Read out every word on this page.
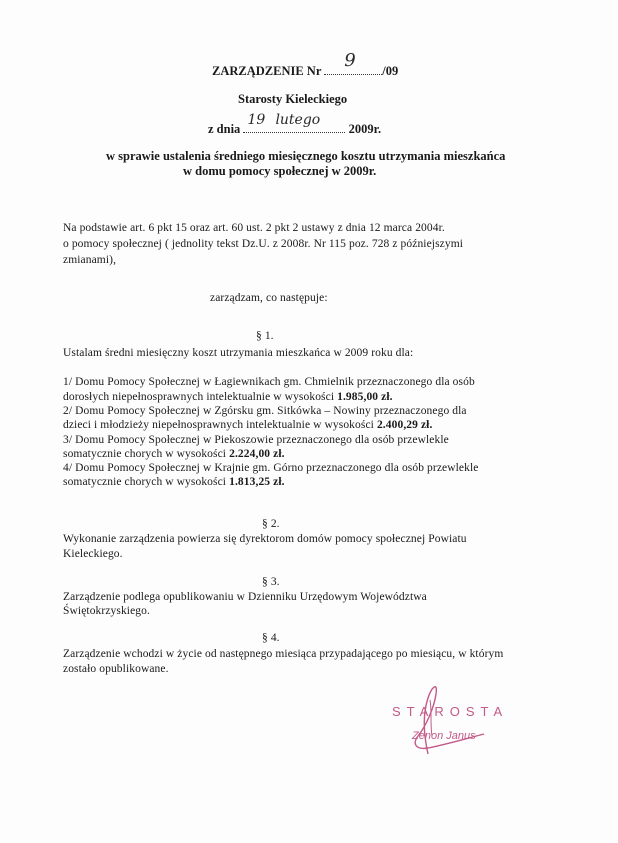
ZARZĄDZENIE Nr 9 /09
Starosty Kieleckiego
z dnia
19 lutego
2009r.
w sprawie ustalenia średniego miesięcznego kosztu utrzymania mieszkańca
w domu pomocy społecznej w 2009r.
Na podstawie art. 6 pkt 15 oraz art. 60 ust. 2 pkt 2 ustawy z dnia 12 marca 2004r.
o pomocy społecznej ( jednolity tekst Dz.U. z 2008r. Nr 115 poz. 728 z późniejszymi
zmianami),
zarządzam, co następuje:
§ 1.
Ustalam średni miesięczny koszt utrzymania mieszkańca w 2009 roku dla:
1/ Domu Pomocy Społecznej w Łagiewnikach gm. Chmielnik przeznaczonego dla osób
dorosłych niepełnosprawnych intelektualnie w wysokości 1.985,00 zł.
2/ Domu Pomocy Społecznej w Zgórsku gm. Sitkówka – Nowiny przeznaczonego dla
dzieci i młodzieży niepełnosprawnych intelektualnie w wysokości 2.400,29 zł.
3/ Domu Pomocy Społecznej w Piekoszowie przeznaczonego dla osób przewlekle
somatycznie chorych w wysokości 2.224,00 zł.
4/ Domu Pomocy Społecznej w Krajnie gm. Górno przeznaczonego dla osób przewlekle
somatycznie chorych w wysokości 1.813,25 zł.
§ 2.
Wykonanie zarządzenia powierza się dyrektorom domów pomocy społecznej Powiatu
Kieleckiego.
§ 3.
Zarządzenie podlega opublikowaniu w Dzienniku Urzędowym Województwa
Świętokrzyskiego.
§ 4.
Zarządzenie wchodzi w życie od następnego miesiąca przypadającego po miesiącu, w którym
zostało opublikowane.
STAROSTA
Zenon Janus
